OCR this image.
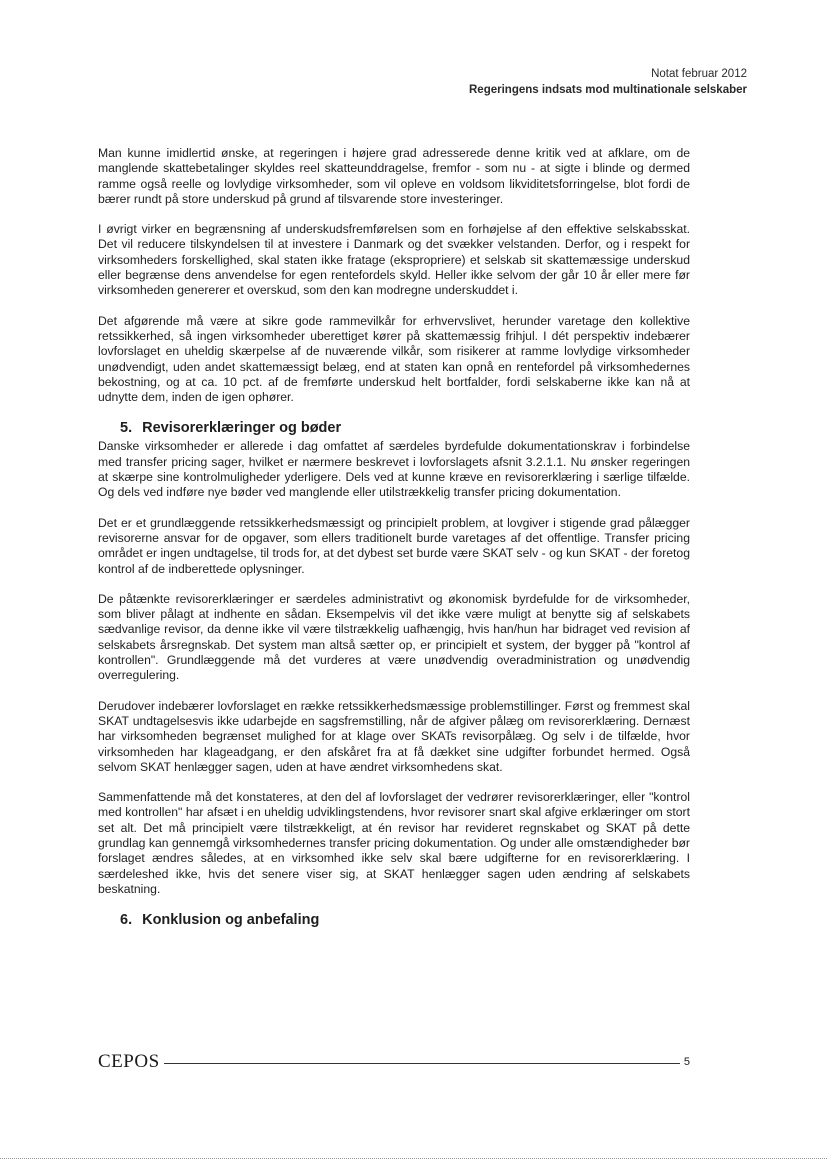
Notat februar 2012
Regeringens indsats mod multinationale selskaber

Man kunne imidlertid ønske, at regeringen i højere grad adresserede denne kritik ved at afklare, om de manglende skattebetalinger skyldes reel skatteunddragelse, fremfor - som nu - at sigte i blinde og dermed ramme også reelle og lovlydige virksomheder, som vil opleve en voldsom likviditetsforringelse, blot fordi de bærer rundt på store underskud på grund af tilsvarende store investeringer.

I øvrigt virker en begrænsning af underskudsfremførelsen som en forhøjelse af den effektive selskabsskat. Det vil reducere tilskyndelsen til at investere i Danmark og det svækker velstanden. Derfor, og i respekt for virksomheders forskellighed, skal staten ikke fratage (ekspropriere) et selskab sit skattemæssige underskud eller begrænse dens anvendelse for egen rentefordels skyld. Heller ikke selvom der går 10 år eller mere før virksomheden genererer et overskud, som den kan modregne underskuddet i.

Det afgørende må være at sikre gode rammevilkår for erhvervslivet, herunder varetage den kollektive retssikkerhed, så ingen virksomheder uberettiget kører på skattemæssig frihjul. I dét perspektiv indebærer lovforslaget en uheldig skærpelse af de nuværende vilkår, som risikerer at ramme lovlydige virksomheder unødvendigt, uden andet skattemæssigt belæg, end at staten kan opnå en rentefordel på virksomhedernes bekostning, og at ca. 10 pct. af de fremførte underskud helt bortfalder, fordi selskaberne ikke kan nå at udnytte dem, inden de igen ophører.

5. Revisorerklæringer og bøder

Danske virksomheder er allerede i dag omfattet af særdeles byrdefulde dokumentationskrav i forbindelse med transfer pricing sager, hvilket er nærmere beskrevet i lovforslagets afsnit 3.2.1.1. Nu ønsker regeringen at skærpe sine kontrolmuligheder yderligere. Dels ved at kunne kræve en revisorerklæring i særlige tilfælde. Og dels ved indføre nye bøder ved manglende eller utilstrækkelig transfer pricing dokumentation.

Det er et grundlæggende retssikkerhedsmæssigt og principielt problem, at lovgiver i stigende grad pålægger revisorerne ansvar for de opgaver, som ellers traditionelt burde varetages af det offentlige. Transfer pricing området er ingen undtagelse, til trods for, at det dybest set burde være SKAT selv - og kun SKAT - der foretog kontrol af de indberettede oplysninger.

De påtænkte revisorerklæringer er særdeles administrativt og økonomisk byrdefulde for de virksomheder, som bliver pålagt at indhente en sådan. Eksempelvis vil det ikke være muligt at benytte sig af selskabets sædvanlige revisor, da denne ikke vil være tilstrækkelig uafhængig, hvis han/hun har bidraget ved revision af selskabets årsregnskab. Det system man altså sætter op, er principielt et system, der bygger på "kontrol af kontrollen". Grundlæggende må det vurderes at være unødvendig overadministration og unødvendig overregulering.

Derudover indebærer lovforslaget en række retssikkerhedsmæssige problemstillinger. Først og fremmest skal SKAT undtagelsesvis ikke udarbejde en sagsfremstilling, når de afgiver pålæg om revisorerklæring. Dernæst har virksomheden begrænset mulighed for at klage over SKATs revisorpålæg. Og selv i de tilfælde, hvor virksomheden har klageadgang, er den afskåret fra at få dækket sine udgifter forbundet hermed. Også selvom SKAT henlægger sagen, uden at have ændret virksomhedens skat.

Sammenfattende må det konstateres, at den del af lovforslaget der vedrører revisorerklæringer, eller "kontrol med kontrollen" har afsæt i en uheldig udviklingstendens, hvor revisorer snart skal afgive erklæringer om stort set alt. Det må principielt være tilstrækkeligt, at én revisor har revideret regnskabet og SKAT på dette grundlag kan gennemgå virksomhedernes transfer pricing dokumentation. Og under alle omstændigheder bør forslaget ændres således, at en virksomhed ikke selv skal bære udgifterne for en revisorerklæring. I særdeleshed ikke, hvis det senere viser sig, at SKAT henlægger sagen uden ændring af selskabets beskatning.

6. Konklusion og anbefaling
CEPOS	5
